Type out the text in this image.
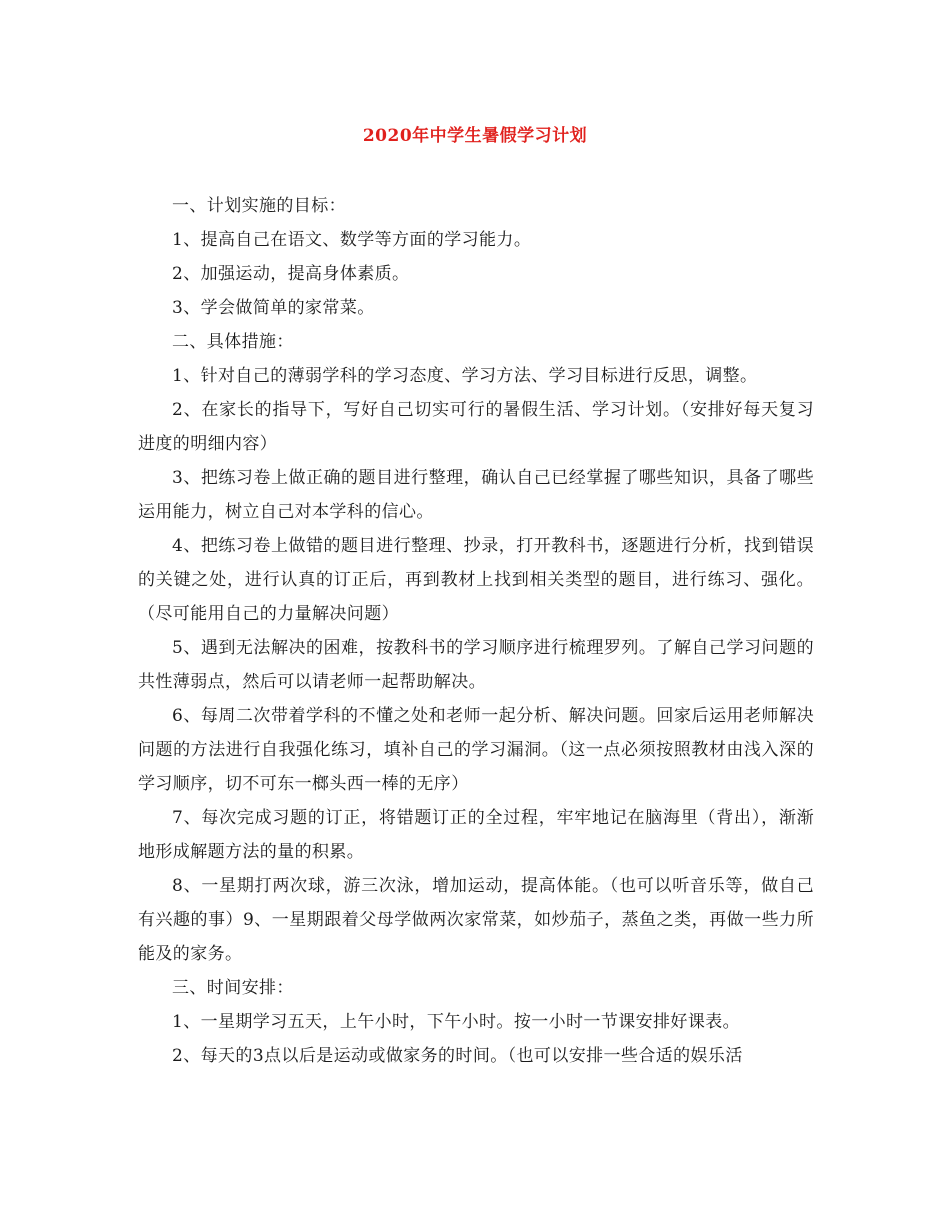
2020年中学生暑假学习计划

一、计划实施的目标：

1、提高自己在语文、数学等方面的学习能力。

2、加强运动，提高身体素质。

3、学会做简单的家常菜。

二、具体措施：

1、针对自己的薄弱学科的学习态度、学习方法、学习目标进行反思，调整。

2、在家长的指导下，写好自己切实可行的暑假生活、学习计划。（安排好每天复习进度的明细内容）

3、把练习卷上做正确的题目进行整理，确认自己已经掌握了哪些知识，具备了哪些运用能力，树立自己对本学科的信心。

4、把练习卷上做错的题目进行整理、抄录，打开教科书，逐题进行分析，找到错误的关键之处，进行认真的订正后，再到教材上找到相关类型的题目，进行练习、强化。（尽可能用自己的力量解决问题）

5、遇到无法解决的困难，按教科书的学习顺序进行梳理罗列。了解自己学习问题的共性薄弱点，然后可以请老师一起帮助解决。

6、每周二次带着学科的不懂之处和老师一起分析、解决问题。回家后运用老师解决问题的方法进行自我强化练习，填补自己的学习漏洞。（这一点必须按照教材由浅入深的学习顺序，切不可东一榔头西一棒的无序）

7、每次完成习题的订正，将错题订正的全过程，牢牢地记在脑海里（背出），渐渐地形成解题方法的量的积累。

8、一星期打两次球，游三次泳，增加运动，提高体能。（也可以听音乐等，做自己有兴趣的事）9、一星期跟着父母学做两次家常菜，如炒茄子，蒸鱼之类，再做一些力所能及的家务。

三、时间安排：

1、一星期学习五天，上午小时，下午小时。按一小时一节课安排好课表。

2、每天的3点以后是运动或做家务的时间。（也可以安排一些合适的娱乐活
